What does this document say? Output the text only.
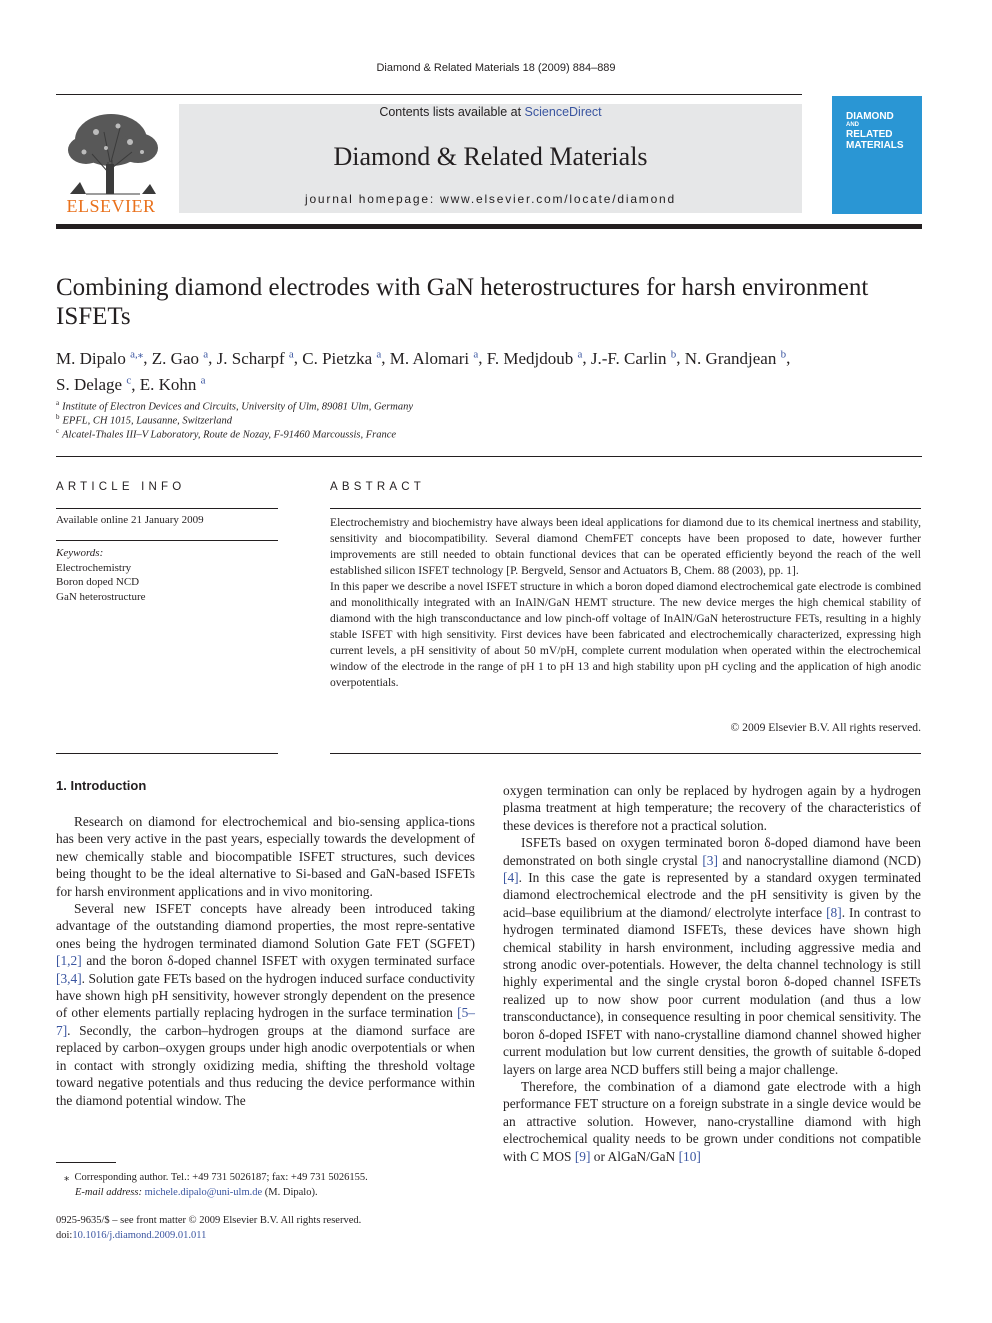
Diamond & Related Materials 18 (2009) 884–889
ELSEVIER
Contents lists available at ScienceDirect
Diamond & Related Materials
journal homepage: www.elsevier.com/locate/diamond
DIAMOND

AND
RELATED
MATERIALS
Combining diamond electrodes with GaN heterostructures for harsh environment ISFETs
M. Dipalo $^{a,⁎}$, Z. Gao $^a$, J. Scharpf $^a$, C. Pietzka $^a$, M. Alomari $^a$, F. Medjdoub $^a$, J.-F. Carlin $^b$, N. Grandjean $^b$,
S. Delage $^c$, E. Kohn $^a$
$^a$ Institute of Electron Devices and Circuits, University of Ulm, 89081 Ulm, Germany
$^b$ EPFL, CH 1015, Lausanne, Switzerland
$^c$ Alcatel-Thales III–V Laboratory, Route de Nozay, F-91460 Marcoussis, France
ARTICLE INFO
Available online 21 January 2009
Keywords:
Electrochemistry
Boron doped NCD
GaN heterostructure
ABSTRACT

Electrochemistry and biochemistry have always been ideal applications for diamond due to its chemical inertness and stability, sensitivity and biocompatibility. Several diamond ChemFET concepts have been proposed to date, however further improvements are still needed to obtain functional devices that can be operated efficiently beyond the reach of the well established silicon ISFET technology [P. Bergveld, Sensor and Actuators B, Chem. 88 (2003), pp. 1].

In this paper we describe a novel ISFET structure in which a boron doped diamond electrochemical gate electrode is combined and monolithically integrated with an InAlN/GaN HEMT structure. The new device merges the high chemical stability of diamond with the high transconductance and low pinch-off voltage of InAlN/GaN heterostructure FETs, resulting in a highly stable ISFET with high sensitivity. First devices have been fabricated and electrochemically characterized, expressing high current levels, a pH sensitivity of about 50 mV/pH, complete current modulation when operated within the electrochemical window of the electrode in the range of pH 1 to pH 13 and high stability upon pH cycling and the application of high anodic overpotentials.

© 2009 Elsevier B.V. All rights reserved.
1. Introduction

Research on diamond for electrochemical and bio-sensing applica-tions has been very active in the past years, especially towards the development of new chemically stable and biocompatible ISFET structures, such devices being thought to be the ideal alternative to Si-based and GaN-based ISFETs for harsh environment applications and in vivo monitoring.

Several new ISFET concepts have already been introduced taking advantage of the outstanding diamond properties, the most repre-sentative ones being the hydrogen terminated diamond Solution Gate FET (SGFET) [1,2] and the boron δ-doped channel ISFET with oxygen terminated surface [3,4]. Solution gate FETs based on the hydrogen induced surface conductivity have shown high pH sensitivity, however strongly dependent on the presence of other elements partially replacing hydrogen in the surface termination [5–7]. Secondly, the carbon–hydrogen groups at the diamond surface are replaced by carbon–oxygen groups under high anodic overpotentials or when in contact with strongly oxidizing media, shifting the threshold voltage toward negative potentials and thus reducing the device performance within the diamond potential window. The

oxygen termination can only be replaced by hydrogen again by a hydrogen plasma treatment at high temperature; the recovery of the characteristics of these devices is therefore not a practical solution.

ISFETs based on oxygen terminated boron δ-doped diamond have been demonstrated on both single crystal [3] and nanocrystalline diamond (NCD) [4]. In this case the gate is represented by a standard oxygen terminated diamond electrochemical electrode and the pH sensitivity is given by the acid–base equilibrium at the diamond/ electrolyte interface [8]. In contrast to hydrogen terminated diamond ISFETs, these devices have shown high chemical stability in harsh environment, including aggressive media and strong anodic over-potentials. However, the delta channel technology is still highly experimental and the single crystal boron δ-doped channel ISFETs realized up to now show poor current modulation (and thus a low transconductance), in consequence resulting in poor chemical sensitivity. The boron δ-doped ISFET with nano-crystalline diamond channel showed higher current modulation but low current densities, the growth of suitable δ-doped layers on large area NCD buffers still being a major challenge.

Therefore, the combination of a diamond gate electrode with a high performance FET structure on a foreign substrate in a single device would be an attractive solution. However, nano-crystalline diamond with high electrochemical quality needs to be grown under conditions not compatible with C MOS [9] or AlGaN/GaN [10]

⁎ Corresponding author. Tel.: +49 731 5026187; fax: +49 731 5026155.
E-mail address: michele.dipalo@uni-ulm.de (M. Dipalo).
0925-9635/$ – see front matter © 2009 Elsevier B.V. All rights reserved.
doi:10.1016/j.diamond.2009.01.011
